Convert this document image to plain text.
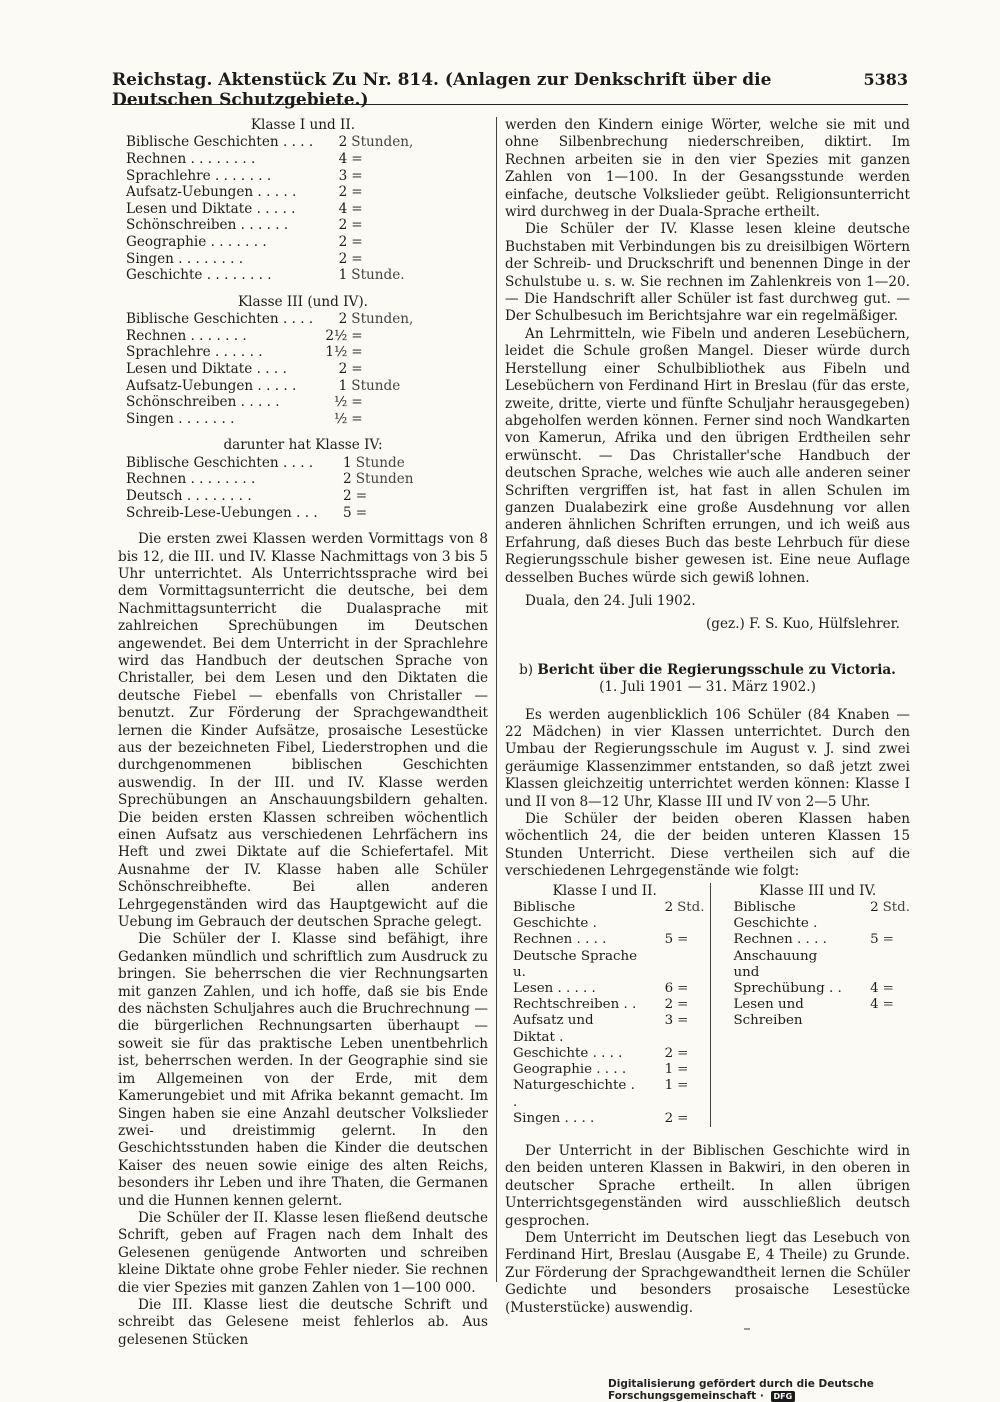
Reichstag. Aktenstück Zu Nr. 814. (Anlagen zur Denkschrift über die Deutschen Schutzgebiete.)
5383
Klasse I und II.
Biblische Geschichten . . . .	2	Stunden,
Rechnen . . . . . . . .	4	=
Sprachlehre . . . . . . .	3	=
Aufsatz-Uebungen . . . . .	2	=
Lesen und Diktate . . . . .	4	=
Schönschreiben . . . . . .	2	=
Geographie . . . . . . .	2	=
Singen . . . . . . . .	2	=
Geschichte . . . . . . . .	1	Stunde.
Klasse III (und IV).
Biblische Geschichten . . . .	2	Stunden,
Rechnen . . . . . . .	2½	=
Sprachlehre . . . . . .	1½	=
Lesen und Diktate . . . .	2	=
Aufsatz-Uebungen . . . . .	1	Stunde
Schönschreiben . . . . .	½	=
Singen . . . . . . .	½	=
darunter hat Klasse IV:
Biblische Geschichten . . . .	1	Stunde
Rechnen . . . . . . . .	2	Stunden
Deutsch . . . . . . . .	2	=
Schreib-Lese-Uebungen . . .	5	=

Die ersten zwei Klassen werden Vormittags von 8 bis 12, die III. und IV. Klasse Nachmittags von 3 bis 5 Uhr unterrichtet. Als Unterrichtssprache wird bei dem Vormittagsunterricht die deutsche, bei dem Nachmittagsunterricht die Dualasprache mit zahlreichen Sprechübungen im Deutschen angewendet. Bei dem Unterricht in der Sprachlehre wird das Handbuch der deutschen Sprache von Christaller, bei dem Lesen und den Diktaten die deutsche Fiebel — ebenfalls von Christaller — benutzt. Zur Förderung der Sprachgewandtheit lernen die Kinder Aufsätze, prosaische Lesestücke aus der bezeichneten Fibel, Liederstrophen und die durchgenommenen biblischen Geschichten auswendig. In der III. und IV. Klasse werden Sprechübungen an Anschauungsbildern gehalten. Die beiden ersten Klassen schreiben wöchentlich einen Aufsatz aus verschiedenen Lehrfächern ins Heft und zwei Diktate auf die Schiefertafel. Mit Ausnahme der IV. Klasse haben alle Schüler Schönschreibhefte. Bei allen anderen Lehrgegenständen wird das Hauptgewicht auf die Uebung im Gebrauch der deutschen Sprache gelegt.

Die Schüler der I. Klasse sind befähigt, ihre Gedanken mündlich und schriftlich zum Ausdruck zu bringen. Sie beherrschen die vier Rechnungsarten mit ganzen Zahlen, und ich hoffe, daß sie bis Ende des nächsten Schuljahres auch die Bruchrechnung — die bürgerlichen Rechnungsarten überhaupt — soweit sie für das praktische Leben unentbehrlich ist, beherrschen werden. In der Geographie sind sie im Allgemeinen von der Erde, mit dem Kamerungebiet und mit Afrika bekannt gemacht. Im Singen haben sie eine Anzahl deutscher Volkslieder zwei- und dreistimmig gelernt. In den Geschichtsstunden haben die Kinder die deutschen Kaiser des neuen sowie einige des alten Reichs, besonders ihr Leben und ihre Thaten, die Germanen und die Hunnen kennen gelernt.

Die Schüler der II. Klasse lesen fließend deutsche Schrift, geben auf Fragen nach dem Inhalt des Gelesenen genügende Antworten und schreiben kleine Diktate ohne grobe Fehler nieder. Sie rechnen die vier Spezies mit ganzen Zahlen von 1—100 000.

Die III. Klasse liest die deutsche Schrift und schreibt das Gelesene meist fehlerlos ab. Aus gelesenen Stücken

werden den Kindern einige Wörter, welche sie mit und ohne Silbenbrechung niederschreiben, diktirt. Im Rechnen arbeiten sie in den vier Spezies mit ganzen Zahlen von 1—100. In der Gesangsstunde werden einfache, deutsche Volkslieder geübt. Religionsunterricht wird durchweg in der Duala-Sprache ertheilt.

Die Schüler der IV. Klasse lesen kleine deutsche Buchstaben mit Verbindungen bis zu dreisilbigen Wörtern der Schreib- und Druckschrift und benennen Dinge in der Schulstube u. s. w. Sie rechnen im Zahlenkreis von 1—20. — Die Handschrift aller Schüler ist fast durchweg gut. — Der Schulbesuch im Berichtsjahre war ein regelmäßiger.

An Lehrmitteln, wie Fibeln und anderen Lesebüchern, leidet die Schule großen Mangel. Dieser würde durch Herstellung einer Schulbibliothek aus Fibeln und Lesebüchern von Ferdinand Hirt in Breslau (für das erste, zweite, dritte, vierte und fünfte Schuljahr herausgegeben) abgeholfen werden können. Ferner sind noch Wandkarten von Kamerun, Afrika und den übrigen Erdtheilen sehr erwünscht. — Das Christaller'sche Handbuch der deutschen Sprache, welches wie auch alle anderen seiner Schriften vergriffen ist, hat fast in allen Schulen im ganzen Dualabezirk eine große Ausdehnung vor allen anderen ähnlichen Schriften errungen, und ich weiß aus Erfahrung, daß dieses Buch das beste Lehrbuch für diese Regierungsschule bisher gewesen ist. Eine neue Auflage desselben Buches würde sich gewiß lohnen.

Duala, den 24. Juli 1902.

(gez.) F. S. Kuo, Hülfslehrer.
b) Bericht über die Regierungsschule zu Victoria.
(1. Juli 1901 — 31. März 1902.)

Es werden augenblicklich 106 Schüler (84 Knaben — 22 Mädchen) in vier Klassen unterrichtet. Durch den Umbau der Regierungsschule im August v. J. sind zwei geräumige Klassenzimmer entstanden, so daß jetzt zwei Klassen gleichzeitig unterrichtet werden können: Klasse I und II von 8—12 Uhr, Klasse III und IV von 2—5 Uhr.

Die Schüler der beiden oberen Klassen haben wöchentlich 24, die der beiden unteren Klassen 15 Stunden Unterricht. Diese vertheilen sich auf die verschiedenen Lehrgegenstände wie folgt:

Klasse I und II.
Biblische Geschichte .	2	Std.
Rechnen . . . .	5	=
Deutsche Sprache u.		
Lesen . . . . .	6	=
Rechtschreiben . .	2	=
Aufsatz und Diktat .	3	=
Geschichte . . . .	2	=
Geographie . . . .	1	=
Naturgeschichte . .	1	=
Singen . . . .	2	=
Klasse III und IV.
Biblische Geschichte .	2	Std.
Rechnen . . . .	5	=
Anschauung und		
Sprechübung . .	4	=
Lesen und Schreiben	4	=

Der Unterricht in der Biblischen Geschichte wird in den beiden unteren Klassen in Bakwiri, in den oberen in deutscher Sprache ertheilt. In allen übrigen Unterrichtsgegenständen wird ausschließlich deutsch gesprochen.

Dem Unterricht im Deutschen liegt das Lesebuch von Ferdinand Hirt, Breslau (Ausgabe E, 4 Theile) zu Grunde. Zur Förderung der Sprachgewandtheit lernen die Schüler Gedichte und besonders prosaische Lesestücke (Musterstücke) auswendig.

Digitalisierung gefördert durch die Deutsche Forschungsgemeinschaft · DFG
